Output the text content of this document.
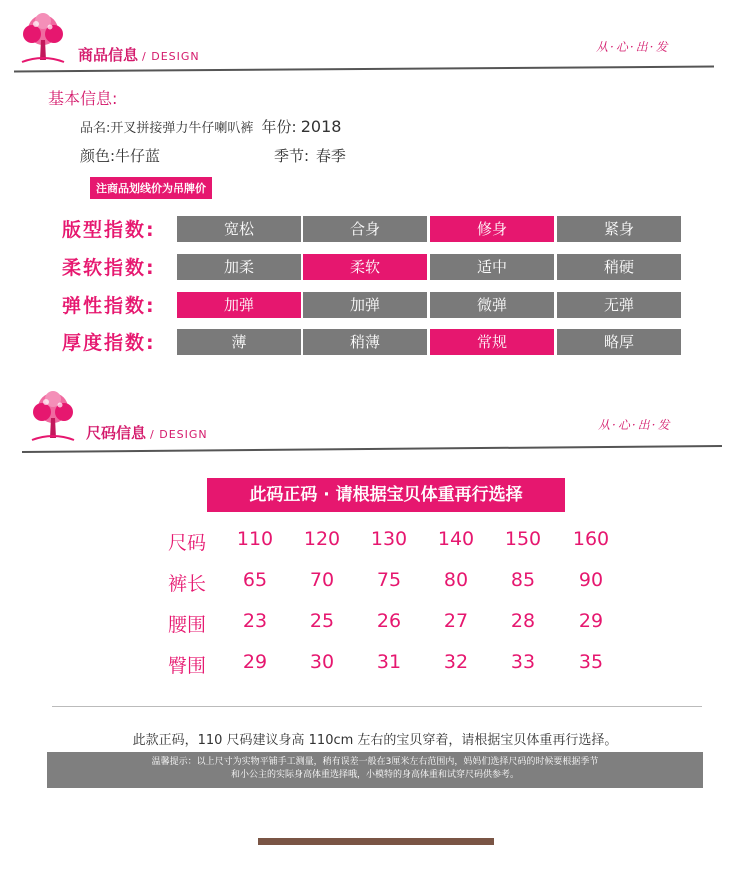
商品信息 / DESIGN
从·心·出·发
基本信息:
品名:开叉拼接弹力牛仔喇叭裤 年份: 2018
颜色:牛仔蓝	季节: 春季
注商品划线价为吊牌价
版型指数:	宽松	合身	修身	紧身
柔软指数:	加柔	柔软	适中	稍硬
弹性指数:	加弹	加弹	微弹	无弹
厚度指数:	薄	稍薄	常规	略厚
尺码信息 / DESIGN
从·心·出·发
此码正码 · 请根据宝贝体重再行选择
尺码	110	120	130	140	150	160
裤长	65	70	75	80	85	90
腰围	23	25	26	27	28	29
臀围	29	30	31	32	33	35
此款正码，110 尺码建议身高 110cm 左右的宝贝穿着，请根据宝贝体重再行选择。
温馨提示：以上尺寸为实物平铺手工测量，稍有误差一般在3厘米左右范围内，妈妈们选择尺码的时候要根据季节
和小公主的实际身高体重选择哦，小模特的身高体重和试穿尺码供参考。
